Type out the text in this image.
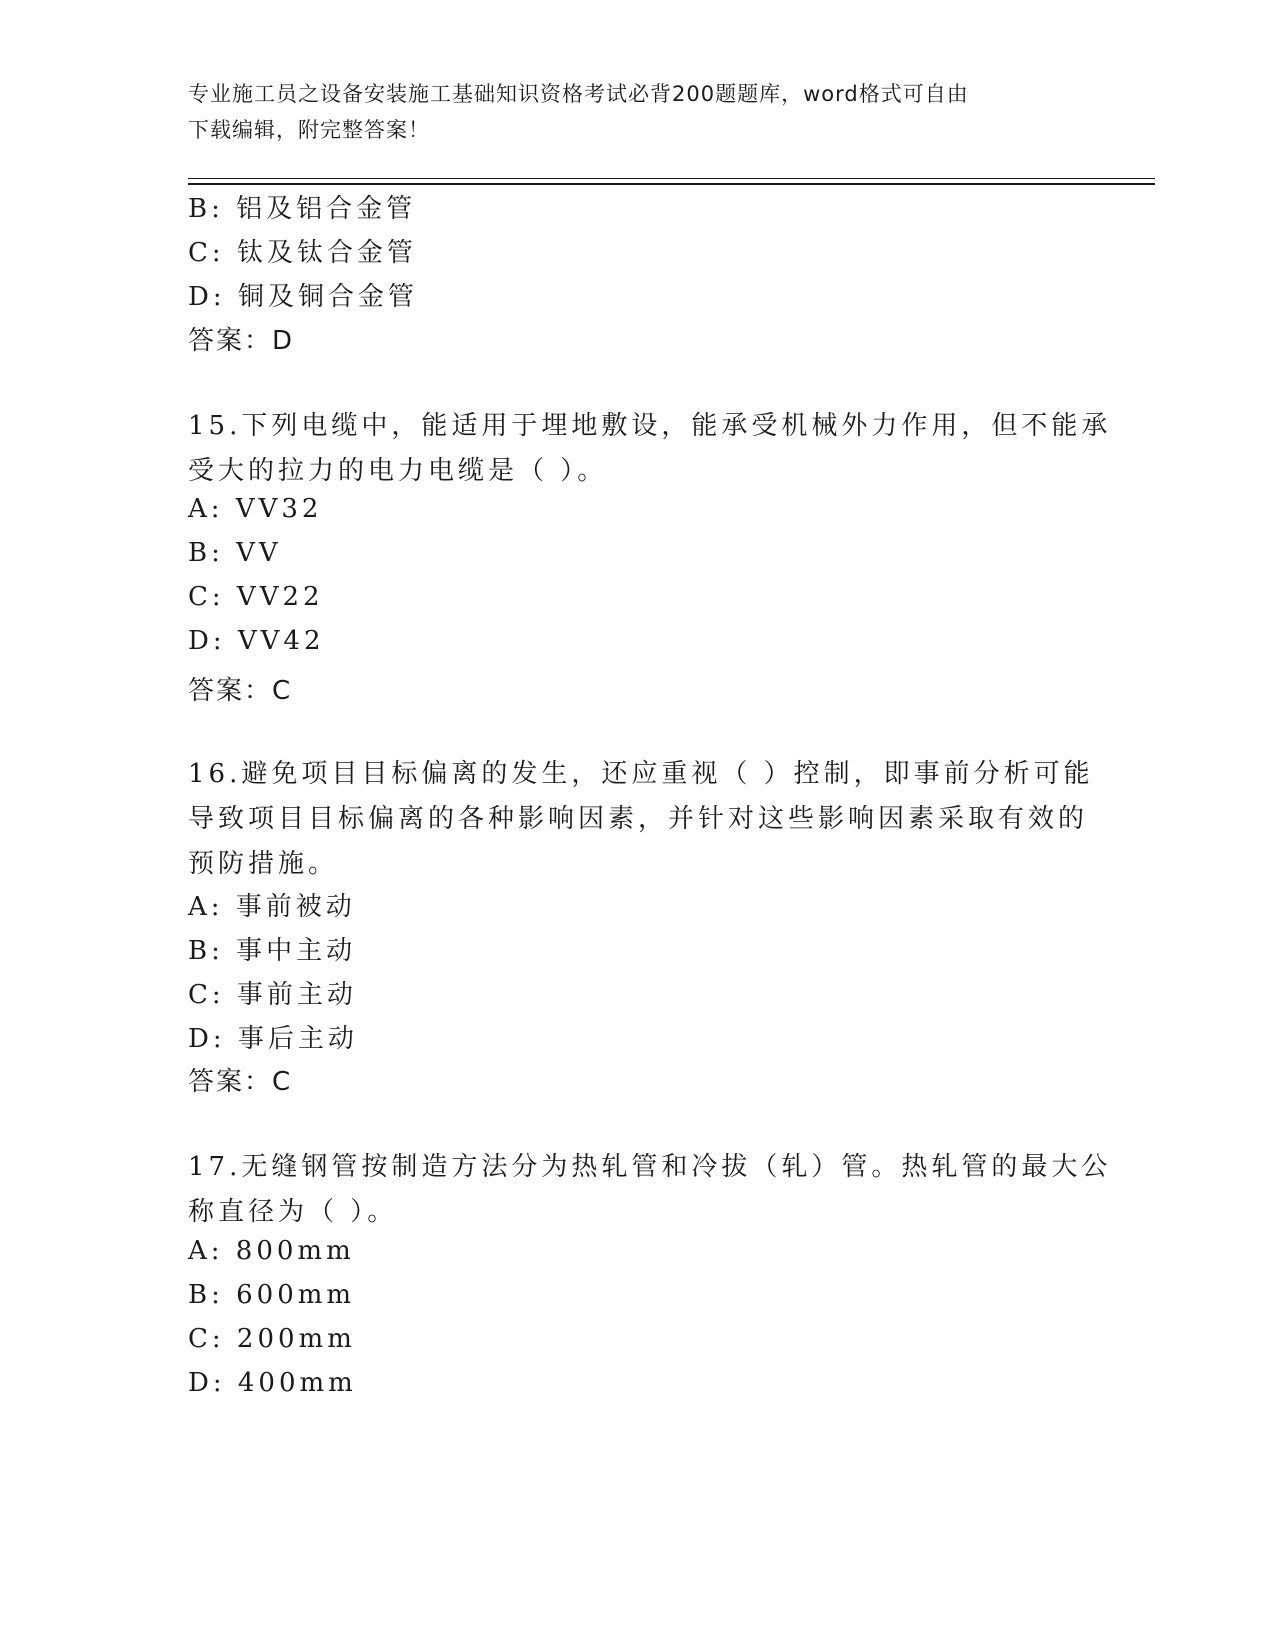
专业施工员之设备安装施工基础知识资格考试必背200题题库，word格式可自由
下载编辑，附完整答案！
B: 铝及铝合金管
C: 钛及钛合金管
D: 铜及铜合金管
答案：D
15.下列电缆中，能适用于埋地敷设，能承受机械外力作用，但不能承
受大的拉力的电力电缆是（ ）。
A: VV32
B: VV
C: VV22
D: VV42
答案：C
16.避免项目目标偏离的发生，还应重视（ ）控制，即事前分析可能
导致项目目标偏离的各种影响因素，并针对这些影响因素采取有效的
预防措施。
A: 事前被动
B: 事中主动
C: 事前主动
D: 事后主动
答案：C
17.无缝钢管按制造方法分为热轧管和冷拔（轧）管。热轧管的最大公
称直径为（ ）。
A: 800mm
B: 600mm
C: 200mm
D: 400mm
